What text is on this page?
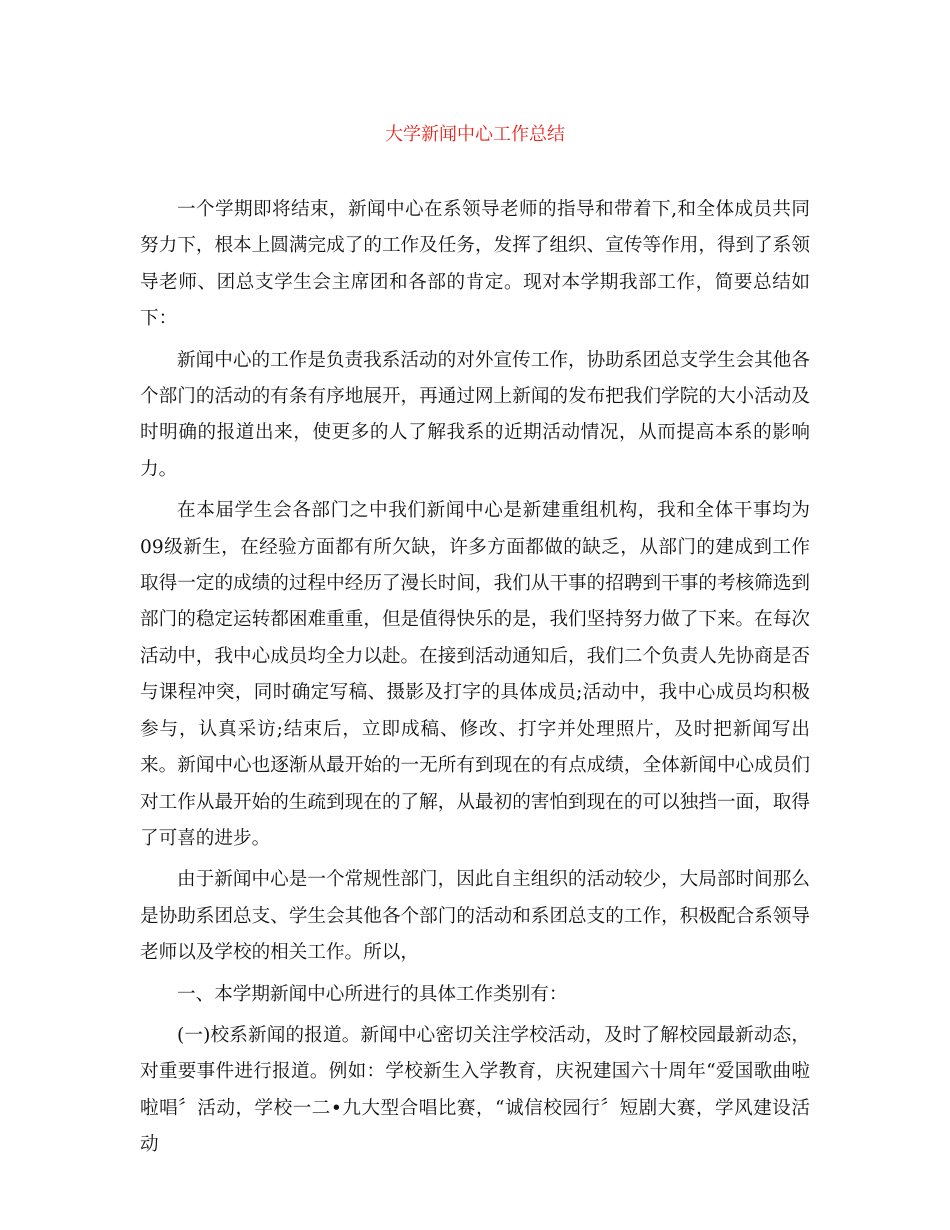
大学新闻中心工作总结

一个学期即将结束，新闻中心在系领导老师的指导和带着下,和全体成员共同努力下，根本上圆满完成了的工作及任务，发挥了组织、宣传等作用，得到了系领导老师、团总支学生会主席团和各部的肯定。现对本学期我部工作，简要总结如下：

新闻中心的工作是负责我系活动的对外宣传工作，协助系团总支学生会其他各个部门的活动的有条有序地展开，再通过网上新闻的发布把我们学院的大小活动及时明确的报道出来，使更多的人了解我系的近期活动情况，从而提高本系的影响力。

在本届学生会各部门之中我们新闻中心是新建重组机构，我和全体干事均为09级新生，在经验方面都有所欠缺，许多方面都做的缺乏，从部门的建成到工作取得一定的成绩的过程中经历了漫长时间，我们从干事的招聘到干事的考核筛选到部门的稳定运转都困难重重，但是值得快乐的是，我们坚持努力做了下来。在每次活动中，我中心成员均全力以赴。在接到活动通知后，我们二个负责人先协商是否与课程冲突，同时确定写稿、摄影及打字的具体成员;活动中，我中心成员均积极参与，认真采访;结束后，立即成稿、修改、打字并处理照片，及时把新闻写出来。新闻中心也逐渐从最开始的一无所有到现在的有点成绩，全体新闻中心成员们对工作从最开始的生疏到现在的了解，从最初的害怕到现在的可以独挡一面，取得了可喜的进步。

由于新闻中心是一个常规性部门，因此自主组织的活动较少，大局部时间那么是协助系团总支、学生会其他各个部门的活动和系团总支的工作，积极配合系领导老师以及学校的相关工作。所以，

一、本学期新闻中心所进行的具体工作类别有：

(一)校系新闻的报道。新闻中心密切关注学校活动，及时了解校园最新动态，对重要事件进行报道。例如：学校新生入学教育，庆祝建国六十周年“爱国歌曲啦啦唱〞活动，学校一二•九大型合唱比赛，“诚信校园行〞短剧大赛，学风建设活动
